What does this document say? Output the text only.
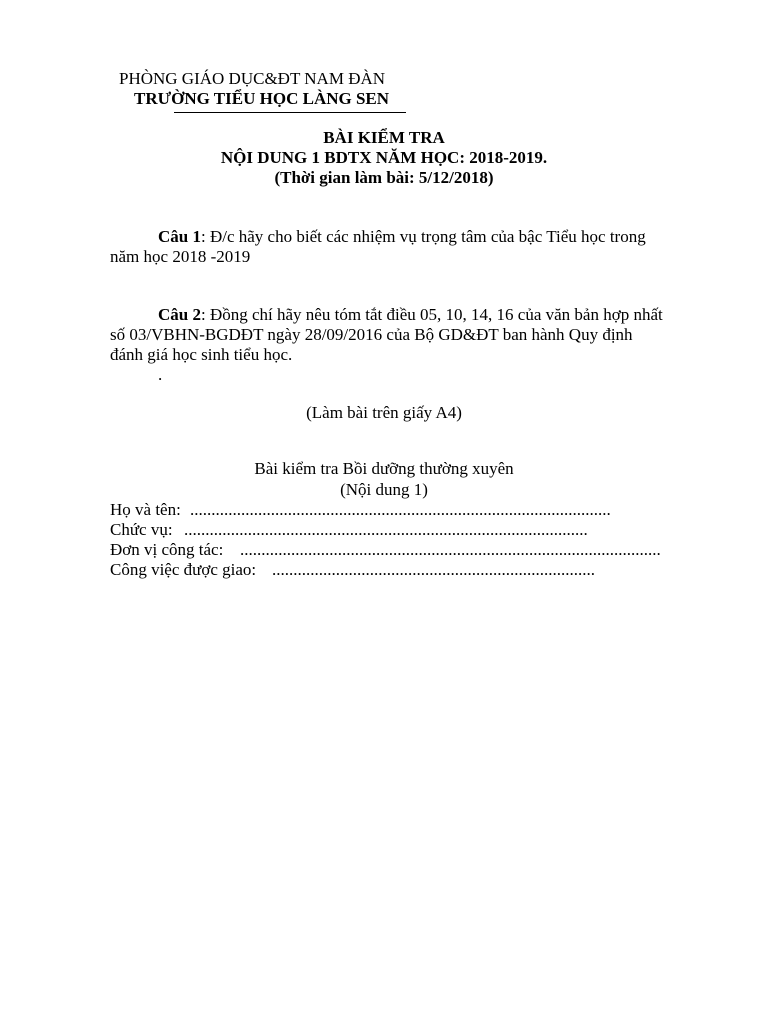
PHÒNG GIÁO DỤC&ĐT NAM ĐÀN
TRƯỜNG TIỂU HỌC LÀNG SEN
BÀI KIỂM TRA
NỘI DUNG 1 BDTX NĂM HỌC: 2018-2019.
(Thời gian làm bài: 5/12/2018)
Câu 1: Đ/c hãy cho biết các nhiệm vụ trọng tâm của bậc Tiểu học trong
năm học 2018 -2019
Câu 2: Đồng chí hãy nêu tóm tắt điều 05, 10, 14, 16 của văn bản hợp nhất
số 03/VBHN-BGDĐT ngày 28/09/2016 của Bộ GD&ĐT ban hành Quy định
đánh giá học sinh tiểu học.
.
(Làm bài trên giấy A4)
Bài kiểm tra Bồi dưỡng thường xuyên
(Nội dung 1)
Họ và tên: ...................................................................................................
Chức vụ: ...............................................................................................
Đơn vị công tác: ...................................................................................................
Công việc được giao: ............................................................................
